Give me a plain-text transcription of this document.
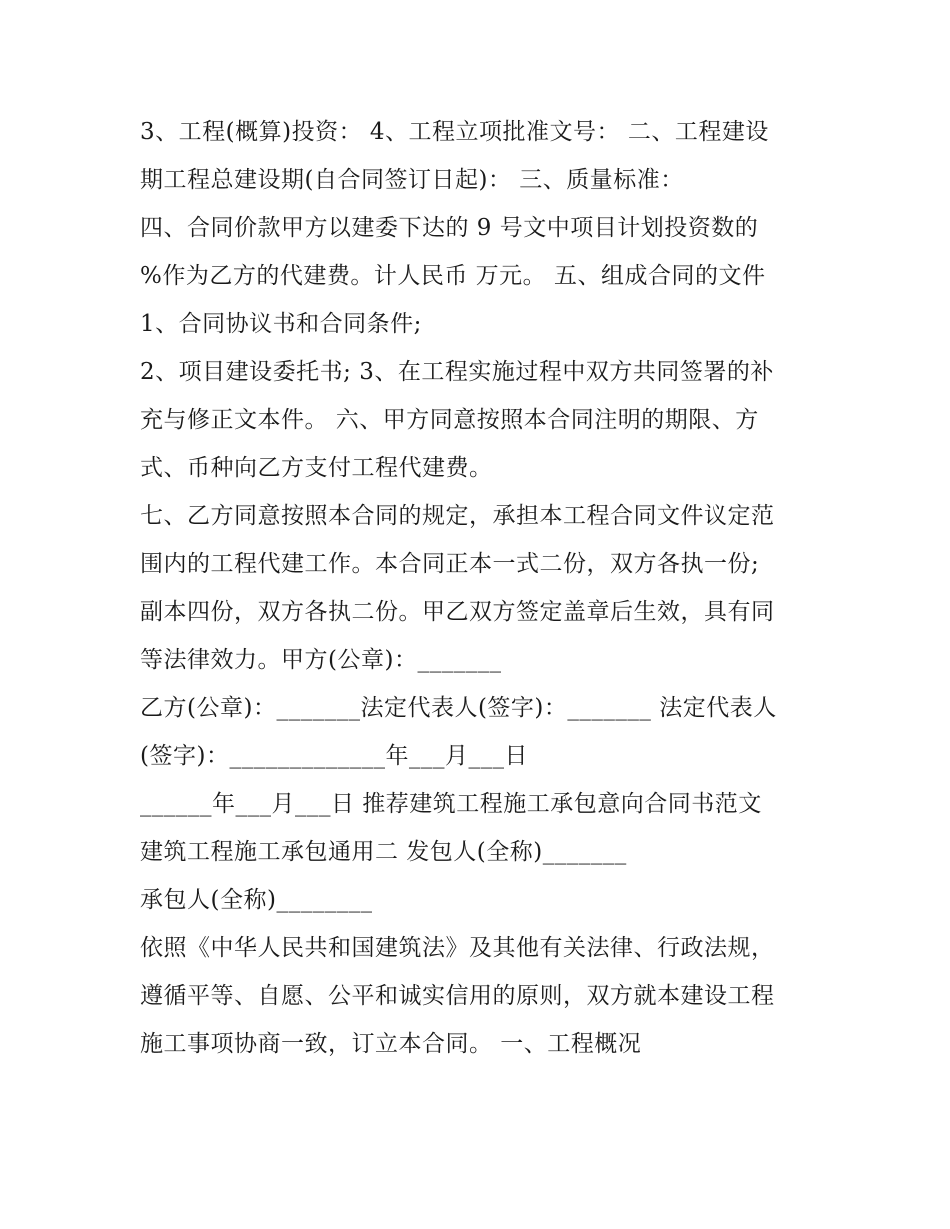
3、工程(概算)投资： 4、工程立项批准文号： 二、工程建设
期工程总建设期(自合同签订日起)： 三、质量标准：
四、合同价款甲方以建委下达的 9 号文中项目计划投资数的
%作为乙方的代建费。计人民币 万元。 五、组成合同的文件
1、合同协议书和合同条件;
2、项目建设委托书; 3、在工程实施过程中双方共同签署的补
充与修正文本件。 六、甲方同意按照本合同注明的期限、方
式、币种向乙方支付工程代建费。
七、乙方同意按照本合同的规定，承担本工程合同文件议定范
围内的工程代建工作。本合同正本一式二份，双方各执一份;
副本四份，双方各执二份。甲乙双方签定盖章后生效，具有同
等法律效力。甲方(公章)：_______
乙方(公章)：_______法定代表人(签字)：_______ 法定代表人
(签字)：_____________年___月___日
______年___月___日 推荐建筑工程施工承包意向合同书范文
建筑工程施工承包通用二 发包人(全称)_______
承包人(全称)________
依照《中华人民共和国建筑法》及其他有关法律、行政法规，
遵循平等、自愿、公平和诚实信用的原则，双方就本建设工程
施工事项协商一致，订立本合同。 一、工程概况
